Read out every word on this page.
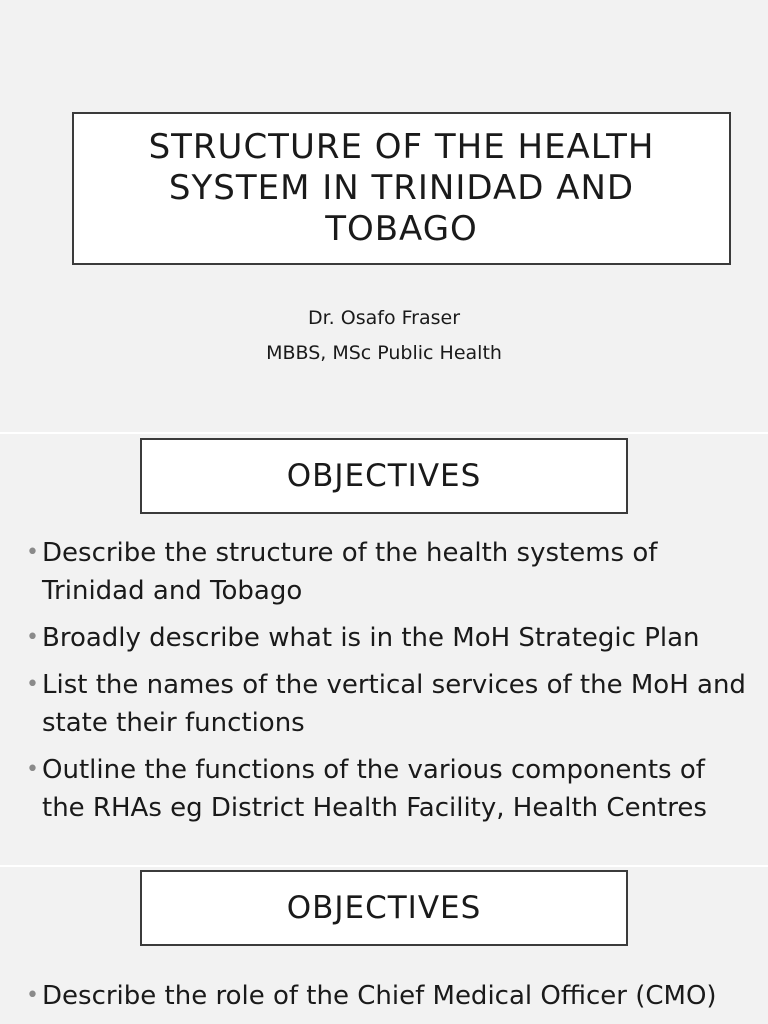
STRUCTURE OF THE HEALTH SYSTEM IN TRINIDAD AND TOBAGO
Dr. Osafo Fraser
MBBS, MSc Public Health
OBJECTIVES
• Describe the structure of the health systems of Trinidad and Tobago
• Broadly describe what is in the MoH Strategic Plan
• List the names of the vertical services of the MoH and state their functions
• Outline the functions of the various components of the RHAs eg District Health Facility, Health Centres
OBJECTIVES
• Describe the role of the Chief Medical Officer (CMO)
